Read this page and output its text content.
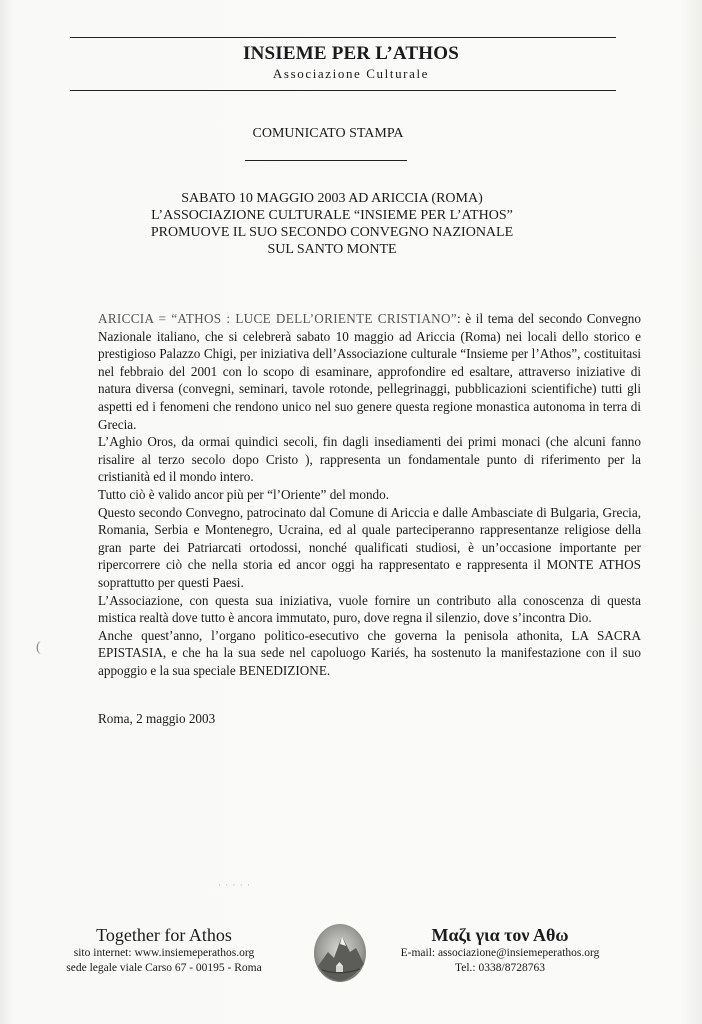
INSIEME PER L’ATHOS
Associazione Culturale
COMUNICATO STAMPA
SABATO 10 MAGGIO 2003 AD ARICCIA (ROMA)
L’ASSOCIAZIONE CULTURALE “INSIEME PER L’ATHOS”
PROMUOVE IL SUO SECONDO CONVEGNO NAZIONALE
SUL SANTO MONTE

ARICCIA = “ATHOS : LUCE DELL’ORIENTE CRISTIANO”: è il tema del secondo Convegno Nazionale italiano, che si celebrerà sabato 10 maggio ad Ariccia (Roma) nei locali dello storico e prestigioso Palazzo Chigi, per iniziativa dell’Associazione culturale “Insieme per l’Athos”, costituitasi nel febbraio del 2001 con lo scopo di esaminare, approfondire ed esaltare, attraverso iniziative di natura diversa (convegni, seminari, tavole rotonde, pellegrinaggi, pubblicazioni scientifiche) tutti gli aspetti ed i fenomeni che rendono unico nel suo genere questa regione monastica autonoma in terra di Grecia.

L’Aghio Oros, da ormai quindici secoli, fin dagli insediamenti dei primi monaci (che alcuni fanno risalire al terzo secolo dopo Cristo ), rappresenta un fondamentale punto di riferimento per la cristianità ed il mondo intero.

Tutto ciò è valido ancor più per “l’Oriente” del mondo.

Questo secondo Convegno, patrocinato dal Comune di Ariccia e dalle Ambasciate di Bulgaria, Grecia, Romania, Serbia e Montenegro, Ucraina, ed al quale parteciperanno rappresentanze religiose della gran parte dei Patriarcati ortodossi, nonché qualificati studiosi, è un’occasione importante per ripercorrere ciò che nella storia ed ancor oggi ha rappresentato e rappresenta il MONTE ATHOS soprattutto per questi Paesi.

L’Associazione, con questa sua iniziativa, vuole fornire un contributo alla conoscenza di questa mistica realtà dove tutto è ancora immutato, puro, dove regna il silenzio, dove s’incontra Dio.

Anche quest’anno, l’organo politico-esecutivo che governa la penisola athonita, LA SACRA EPISTASIA, e che ha la sua sede nel capoluogo Kariés, ha sostenuto la manifestazione con il suo appoggio e la sua speciale BENEDIZIONE.

(
Roma, 2 maggio 2003
· · · · ·
Together for Athos
sito internet: www.insiemeperathos.org
sede legale viale Carso 67 - 00195 - Roma
Μαζι για τον Αθω
E-mail: associazione@insiemeperathos.org
Tel.: 0338/8728763
